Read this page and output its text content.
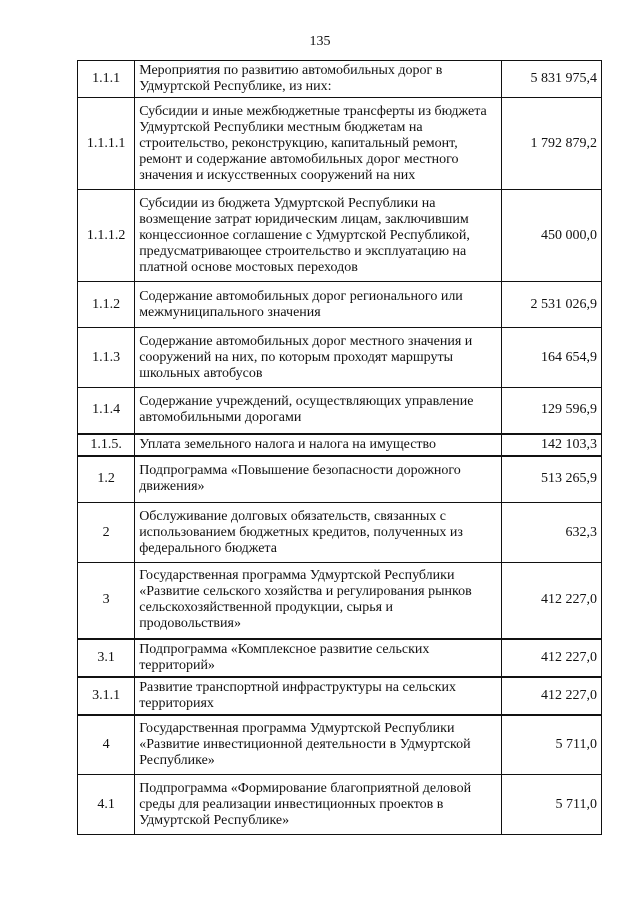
135
1.1.1	Мероприятия по развитию автомобильных дорог в Удмуртской Республике, из них:	5 831 975,4
1.1.1.1	Субсидии и иные межбюджетные трансферты из бюджета Удмуртской Республики местным бюджетам на строительство, реконструкцию, капитальный ремонт, ремонт и содержание автомобильных дорог местного значения и искусственных сооружений на них	1 792 879,2
1.1.1.2	Субсидии из бюджета Удмуртской Республики на возмещение затрат юридическим лицам, заключившим концессионное соглашение с Удмуртской Республикой, предусматривающее строительство и эксплуатацию на платной основе мостовых переходов	450 000,0
1.1.2	Содержание автомобильных дорог регионального или межмуниципального значения	2 531 026,9
1.1.3	Содержание автомобильных дорог местного значения и сооружений на них, по которым проходят маршруты школьных автобусов	164 654,9
1.1.4	Содержание учреждений, осуществляющих управление автомобильными дорогами	129 596,9
1.1.5.	Уплата земельного налога и налога на имущество	142 103,3
1.2	Подпрограмма «Повышение безопасности дорожного движения»	513 265,9
2	Обслуживание долговых обязательств, связанных с использованием бюджетных кредитов, полученных из федерального бюджета	632,3
3	Государственная программа Удмуртской Республики «Развитие сельского хозяйства и регулирования рынков сельскохозяйственной продукции, сырья и продовольствия»	412 227,0
3.1	Подпрограмма «Комплексное развитие сельских территорий»	412 227,0
3.1.1	Развитие транспортной инфраструктуры на сельских территориях	412 227,0
4	Государственная программа Удмуртской Республики «Развитие инвестиционной деятельности в Удмуртской Республике»	5 711,0
4.1	Подпрограмма «Формирование благоприятной деловой среды для реализации инвестиционных проектов в Удмуртской Республике»	5 711,0
